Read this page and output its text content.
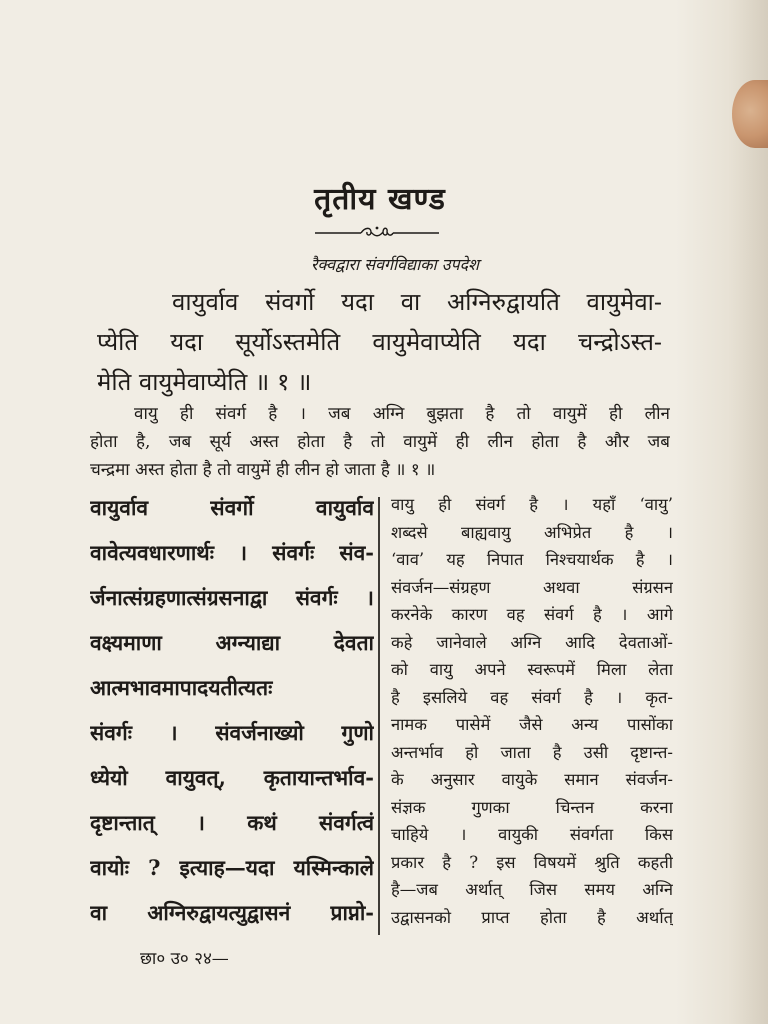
तृतीय खण्ड
रैक्वद्वारा संवर्गविद्याका उपदेश
वायुर्वाव संवर्गो यदा वा अग्निरुद्वायति वायुमेवा-
प्येति यदा सूर्योऽस्तमेति वायुमेवाप्येति यदा चन्द्रोऽस्त-
मेति वायुमेवाप्येति ॥ १ ॥
वायु ही संवर्ग है । जब अग्नि बुझता है तो वायुमें ही लीन
होता है, जब सूर्य अस्त होता है तो वायुमें ही लीन होता है और जब
चन्द्रमा अस्त होता है तो वायुमें ही लीन हो जाता है ॥ १ ॥
वायुर्वाव संवर्गो वायुर्वाव
वावेत्यवधारणार्थः । संवर्गः संव-
र्जनात्संग्रहणात्संग्रसनाद्वा संवर्गः ।
वक्ष्यमाणा अग्न्याद्या देवता
आत्मभावमापादयतीत्यतः
संवर्गः । संवर्जनाख्यो गुणो
ध्येयो वायुवत्, कृतायान्तर्भाव-
दृष्टान्तात् । कथं संवर्गत्वं
वायोः ? इत्याह—यदा यस्मिन्काले
वा अग्निरुद्वायत्युद्वासनं प्राप्नो-
वायु ही संवर्ग है । यहाँ ‘वायु’
शब्दसे बाह्यवायु अभिप्रेत है ।
‘वाव’ यह निपात निश्चयार्थक है ।
संवर्जन—संग्रहण अथवा संग्रसन
करनेके कारण वह संवर्ग है । आगे
कहे जानेवाले अग्नि आदि देवताओं-
को वायु अपने स्वरूपमें मिला लेता
है इसलिये वह संवर्ग है । कृत-
नामक पासेमें जैसे अन्य पासोंका
अन्तर्भाव हो जाता है उसी दृष्टान्त-
के अनुसार वायुके समान संवर्जन-
संज्ञक गुणका चिन्तन करना
चाहिये । वायुकी संवर्गता किस
प्रकार है ? इस विषयमें श्रुति कहती
है—जब अर्थात् जिस समय अग्नि
उद्वासनको प्राप्त होता है अर्थात्
छा० उ० २४—
